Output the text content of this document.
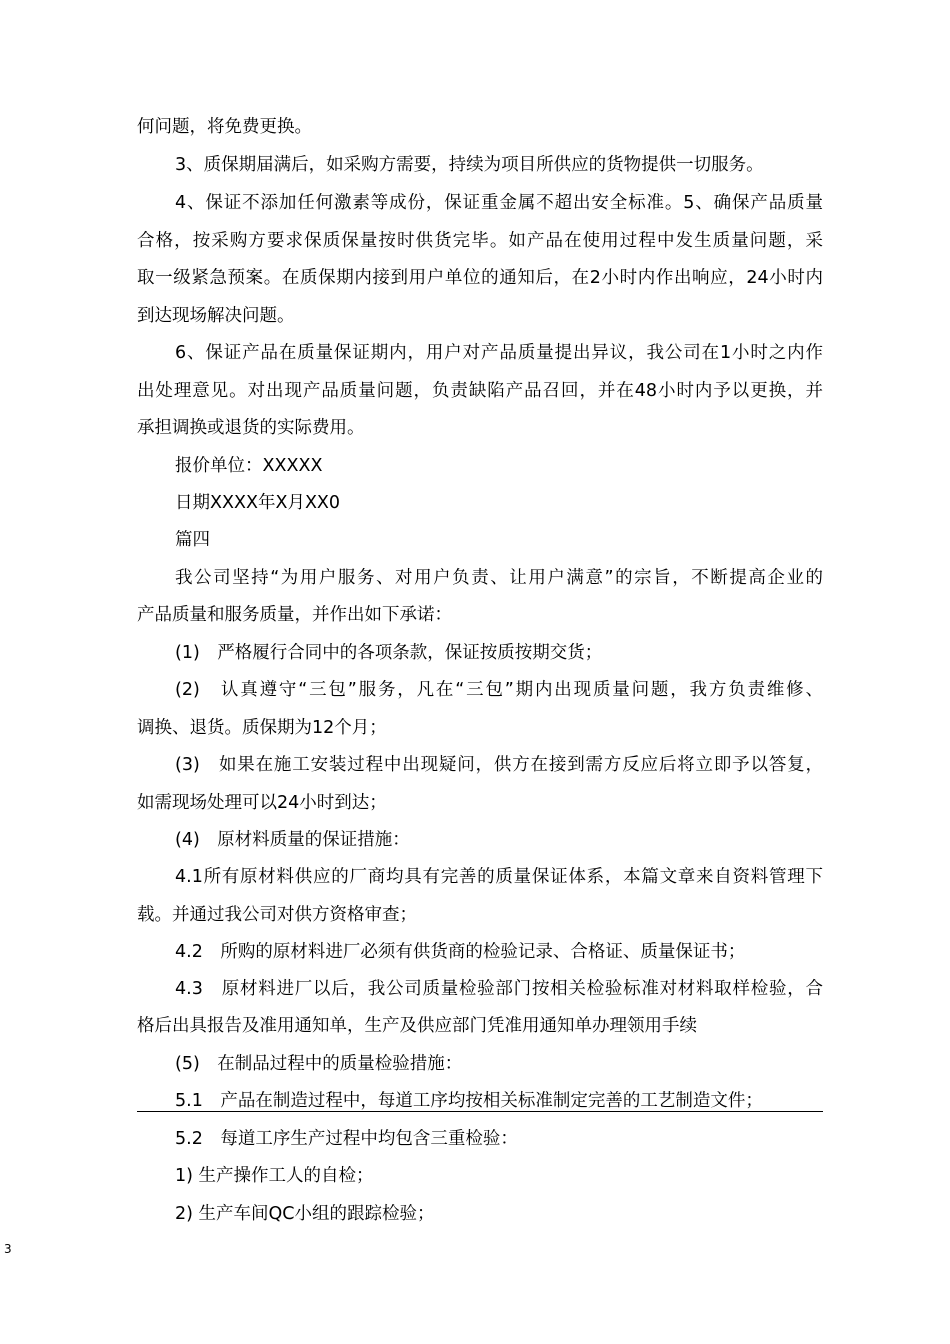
何问题，将免费更换。
3、质保期届满后，如采购方需要，持续为项目所供应的货物提供一切服务。
4、保证不添加任何激素等成份，保证重金属不超出安全标准。5、确保产品质量
合格，按采购方要求保质保量按时供货完毕。如产品在使用过程中发生质量问题，采
取一级紧急预案。在质保期内接到用户单位的通知后，在2小时内作出响应，24小时内
到达现场解决问题。
6、保证产品在质量保证期内，用户对产品质量提出异议，我公司在1小时之内作
出处理意见。对出现产品质量问题，负责缺陷产品召回，并在48小时内予以更换，并
承担调换或退货的实际费用。
报价单位：XXXXX
日期XXXX年X月XX0
篇四
我公司坚持“为用户服务、对用户负责、让用户满意”的宗旨，不断提高企业的
产品质量和服务质量，并作出如下承诺：
(1)　严格履行合同中的各项条款，保证按质按期交货；
(2)　认真遵守“三包”服务，凡在“三包”期内出现质量问题，我方负责维修、
调换、退货。质保期为12个月；
(3)　如果在施工安装过程中出现疑问，供方在接到需方反应后将立即予以答复，
如需现场处理可以24小时到达；
(4)　原材料质量的保证措施：
4.1所有原材料供应的厂商均具有完善的质量保证体系，本篇文章来自资料管理下
载。并通过我公司对供方资格审查；
4.2　所购的原材料进厂必须有供货商的检验记录、合格证、质量保证书；
4.3　原材料进厂以后，我公司质量检验部门按相关检验标准对材料取样检验，合
格后出具报告及准用通知单，生产及供应部门凭准用通知单办理领用手续
(5)　在制品过程中的质量检验措施：
5.1　产品在制造过程中，每道工序均按相关标准制定完善的工艺制造文件；
5.2　每道工序生产过程中均包含三重检验：
1) 生产操作工人的自检；
2) 生产车间QC小组的跟踪检验；
3
